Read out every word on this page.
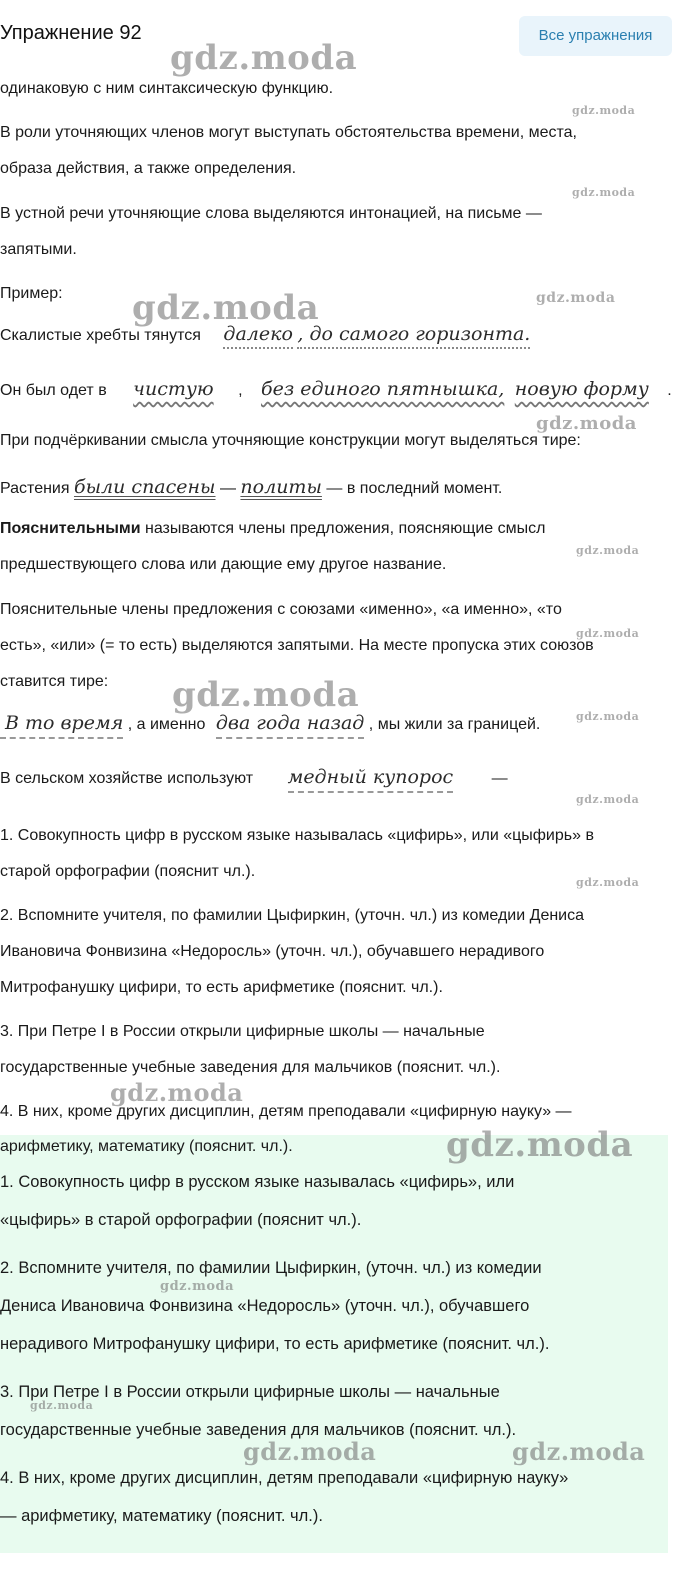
Упражнение 92	Все упражнения
одинаковую с ним синтаксическую функцию.
В роли уточняющих членов могут выступать обстоятельства времени, места,
образа действия, а также определения.
В устной речи уточняющие слова выделяются интонацией, на письме —
запятыми.
Пример:
Скалистые хребты тянутся далеко , до самого горизонта.
Он был одет в чистую , без единого пятнышка, новую форму .
При подчёркивании смысла уточняющие конструкции могут выделяться тире:
Растения были спасены — политы — в последний момент.
Пояснительными называются члены предложения, поясняющие смысл
предшествующего слова или дающие ему другое название.
Пояснительные члены предложения с союзами «именно», «а именно», «то
есть», «или» (= то есть) выделяются запятыми. На месте пропуска этих союзов
ставится тире:
В то время , а именно два года назад , мы жили за границей.
В сельском хозяйстве используют медный купорос —
1. Совокупность цифр в русском языке называлась «цифирь», или «цыфирь» в
старой орфографии (пояснит чл.).
2. Вспомните учителя, по фамилии Цыфиркин, (уточн. чл.) из комедии Дениса
Ивановича Фонвизина «Недоросль» (уточн. чл.), обучавшего нерадивого
Митрофанушку цифири, то есть арифметике (пояснит. чл.).
3. При Петре I в России открыли цифирные школы — начальные
государственные учебные заведения для мальчиков (пояснит. чл.).
4. В них, кроме других дисциплин, детям преподавали «цифирную науку» —
арифметику, математику (пояснит. чл.).
1. Совокупность цифр в русском языке называлась «цифирь», или
«цыфирь» в старой орфографии (пояснит чл.).
2. Вспомните учителя, по фамилии Цыфиркин, (уточн. чл.) из комедии
Дениса Ивановича Фонвизина «Недоросль» (уточн. чл.), обучавшего
нерадивого Митрофанушку цифири, то есть арифметике (пояснит. чл.).
3. При Петре I в России открыли цифирные школы — начальные
государственные учебные заведения для мальчиков (пояснит. чл.).
4. В них, кроме других дисциплин, детям преподавали «цифирную науку»
— арифметику, математику (пояснит. чл.).
gdz.moda
gdz.moda
gdz.moda
gdz.moda
gdz.moda
gdz.moda	gdz.moda
gdz.moda
gdz.moda
gdz.moda
gdz.moda
gdz.moda
gdz.moda
gdz.moda
gdz.moda
gdz.moda
gdz.moda
gdz.moda
